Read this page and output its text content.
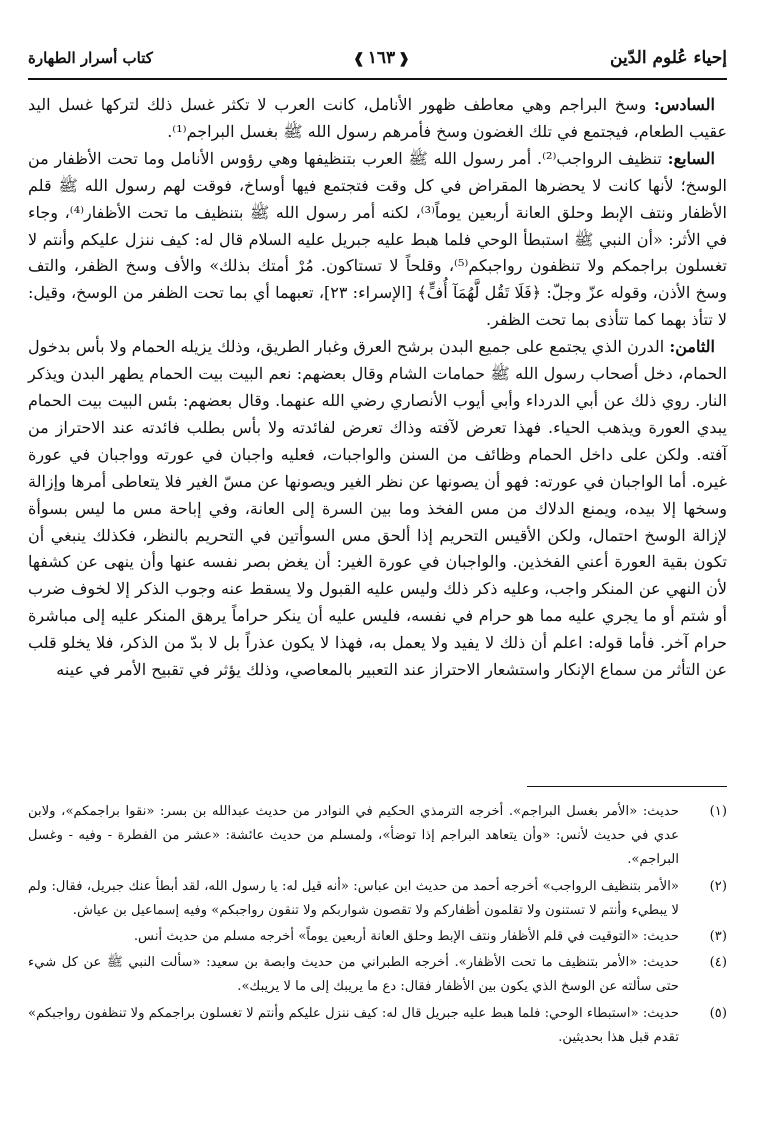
إحياء عُلوم الدّين
❰١٦٣❱
كتاب أسرار الطهارة

السادس: وسخ البراجم وهي معاطف ظهور الأنامل، كانت العرب لا تكثر غسل ذلك لتركها غسل اليد عقيب الطعام، فيجتمع في تلك الغضون وسخ فأمرهم رسول الله ﷺ بغسل البراجم⁽¹⁾.

السابع: تنظيف الرواجب⁽²⁾. أمر رسول الله ﷺ العرب بتنظيفها وهي رؤوس الأنامل وما تحت الأظفار من الوسخ؛ لأنها كانت لا يحضرها المقراض في كل وقت فتجتمع فيها أوساخ، فوقت لهم رسول الله ﷺ قلم الأظفار ونتف الإبط وحلق العانة أربعين يوماً⁽³⁾، لكنه أمر رسول الله ﷺ بتنظيف ما تحت الأظفار⁽⁴⁾، وجاء في الأثر: «أن النبي ﷺ استبطأ الوحي فلما هبط عليه جبريل عليه السلام قال له: كيف ننزل عليكم وأنتم لا تغسلون براجمكم ولا تنظفون رواجبكم⁽⁵⁾، وقلحاً لا تستاكون. مُرْ أمتك بذلك» والأف وسخ الظفر، والتف وسخ الأذن، وقوله عزّ وجلّ: ﴿فَلَا تَقُل لَّهُمَآ أُفٍّ﴾ [الإسراء: ٢٣]، تعبهما أي بما تحت الظفر من الوسخ، وقيل: لا تتأذ بهما كما تتأذى بما تحت الظفر.

الثامن: الدرن الذي يجتمع على جميع البدن برشح العرق وغبار الطريق، وذلك يزيله الحمام ولا بأس بدخول الحمام، دخل أصحاب رسول الله ﷺ حمامات الشام وقال بعضهم: نعم البيت بيت الحمام يطهر البدن ويذكر النار. روي ذلك عن أبي الدرداء وأبي أيوب الأنصاري رضي الله عنهما. وقال بعضهم: بئس البيت بيت الحمام يبدي العورة ويذهب الحياء. فهذا تعرض لآفته وذاك تعرض لفائدته ولا بأس بطلب فائدته عند الاحتراز من آفته. ولكن على داخل الحمام وظائف من السنن والواجبات، فعليه واجبان في عورته وواجبان في عورة غيره. أما الواجبان في عورته: فهو أن يصونها عن نظر الغير ويصونها عن مسّ الغير فلا يتعاطى أمرها وإزالة وسخها إلا بيده، ويمنع الدلاك من مس الفخذ وما بين السرة إلى العانة، وفي إباحة مس ما ليس بسوأة لإزالة الوسخ احتمال، ولكن الأقيس التحريم إذا ألحق مس السوأتين في التحريم بالنظر، فكذلك ينبغي أن تكون بقية العورة أعني الفخذين. والواجبان في عورة الغير: أن يغض بصر نفسه عنها وأن ينهى عن كشفها لأن النهي عن المنكر واجب، وعليه ذكر ذلك وليس عليه القبول ولا يسقط عنه وجوب الذكر إلا لخوف ضرب أو شتم أو ما يجري عليه مما هو حرام في نفسه، فليس عليه أن ينكر حراماً يرهق المنكر عليه إلى مباشرة حرام آخر. فأما قوله: اعلم أن ذلك لا يفيد ولا يعمل به، فهذا لا يكون عذراً بل لا بدّ من الذكر، فلا يخلو قلب عن التأثر من سماع الإنكار واستشعار الاحتراز عند التعبير بالمعاصي، وذلك يؤثر في تقبيح الأمر في عينه

(١)
حديث: «الأمر بغسل البراجم». أخرجه الترمذي الحكيم في النوادر من حديث عبدالله بن بسر: «نقوا براجمكم»، ولابن عدي في حديث لأنس: «وأن يتعاهد البراجم إذا توضأ»، ولمسلم من حديث عائشة: «عشر من الفطرة - وفيه - وغسل البراجم».
(٢)
«الأمر بتنظيف الرواجب» أخرجه أحمد من حديث ابن عباس: «أنه قيل له: يا رسول الله، لقد أبطأ عنك جبريل، فقال: ولم لا يبطيء وأنتم لا تستنون ولا تقلمون أظفاركم ولا تقصون شواربكم ولا تنقون رواجبكم» وفيه إسماعيل بن عياش.
(٣)
حديث: «التوقيت في قلم الأظفار ونتف الإبط وحلق العانة أربعين يوماً» أخرجه مسلم من حديث أنس.
(٤)
حديث: «الأمر بتنظيف ما تحت الأظفار». أخرجه الطبراني من حديث وابصة بن سعيد: «سألت النبي ﷺ عن كل شيء حتى سألته عن الوسخ الذي يكون بين الأظفار فقال: دع ما يريبك إلى ما لا يريبك».
(٥)
حديث: «استبطاء الوحي: فلما هبط عليه جبريل قال له: كيف ننزل عليكم وأنتم لا تغسلون براجمكم ولا تنظفون رواجبكم» تقدم قبل هذا بحديثين.
